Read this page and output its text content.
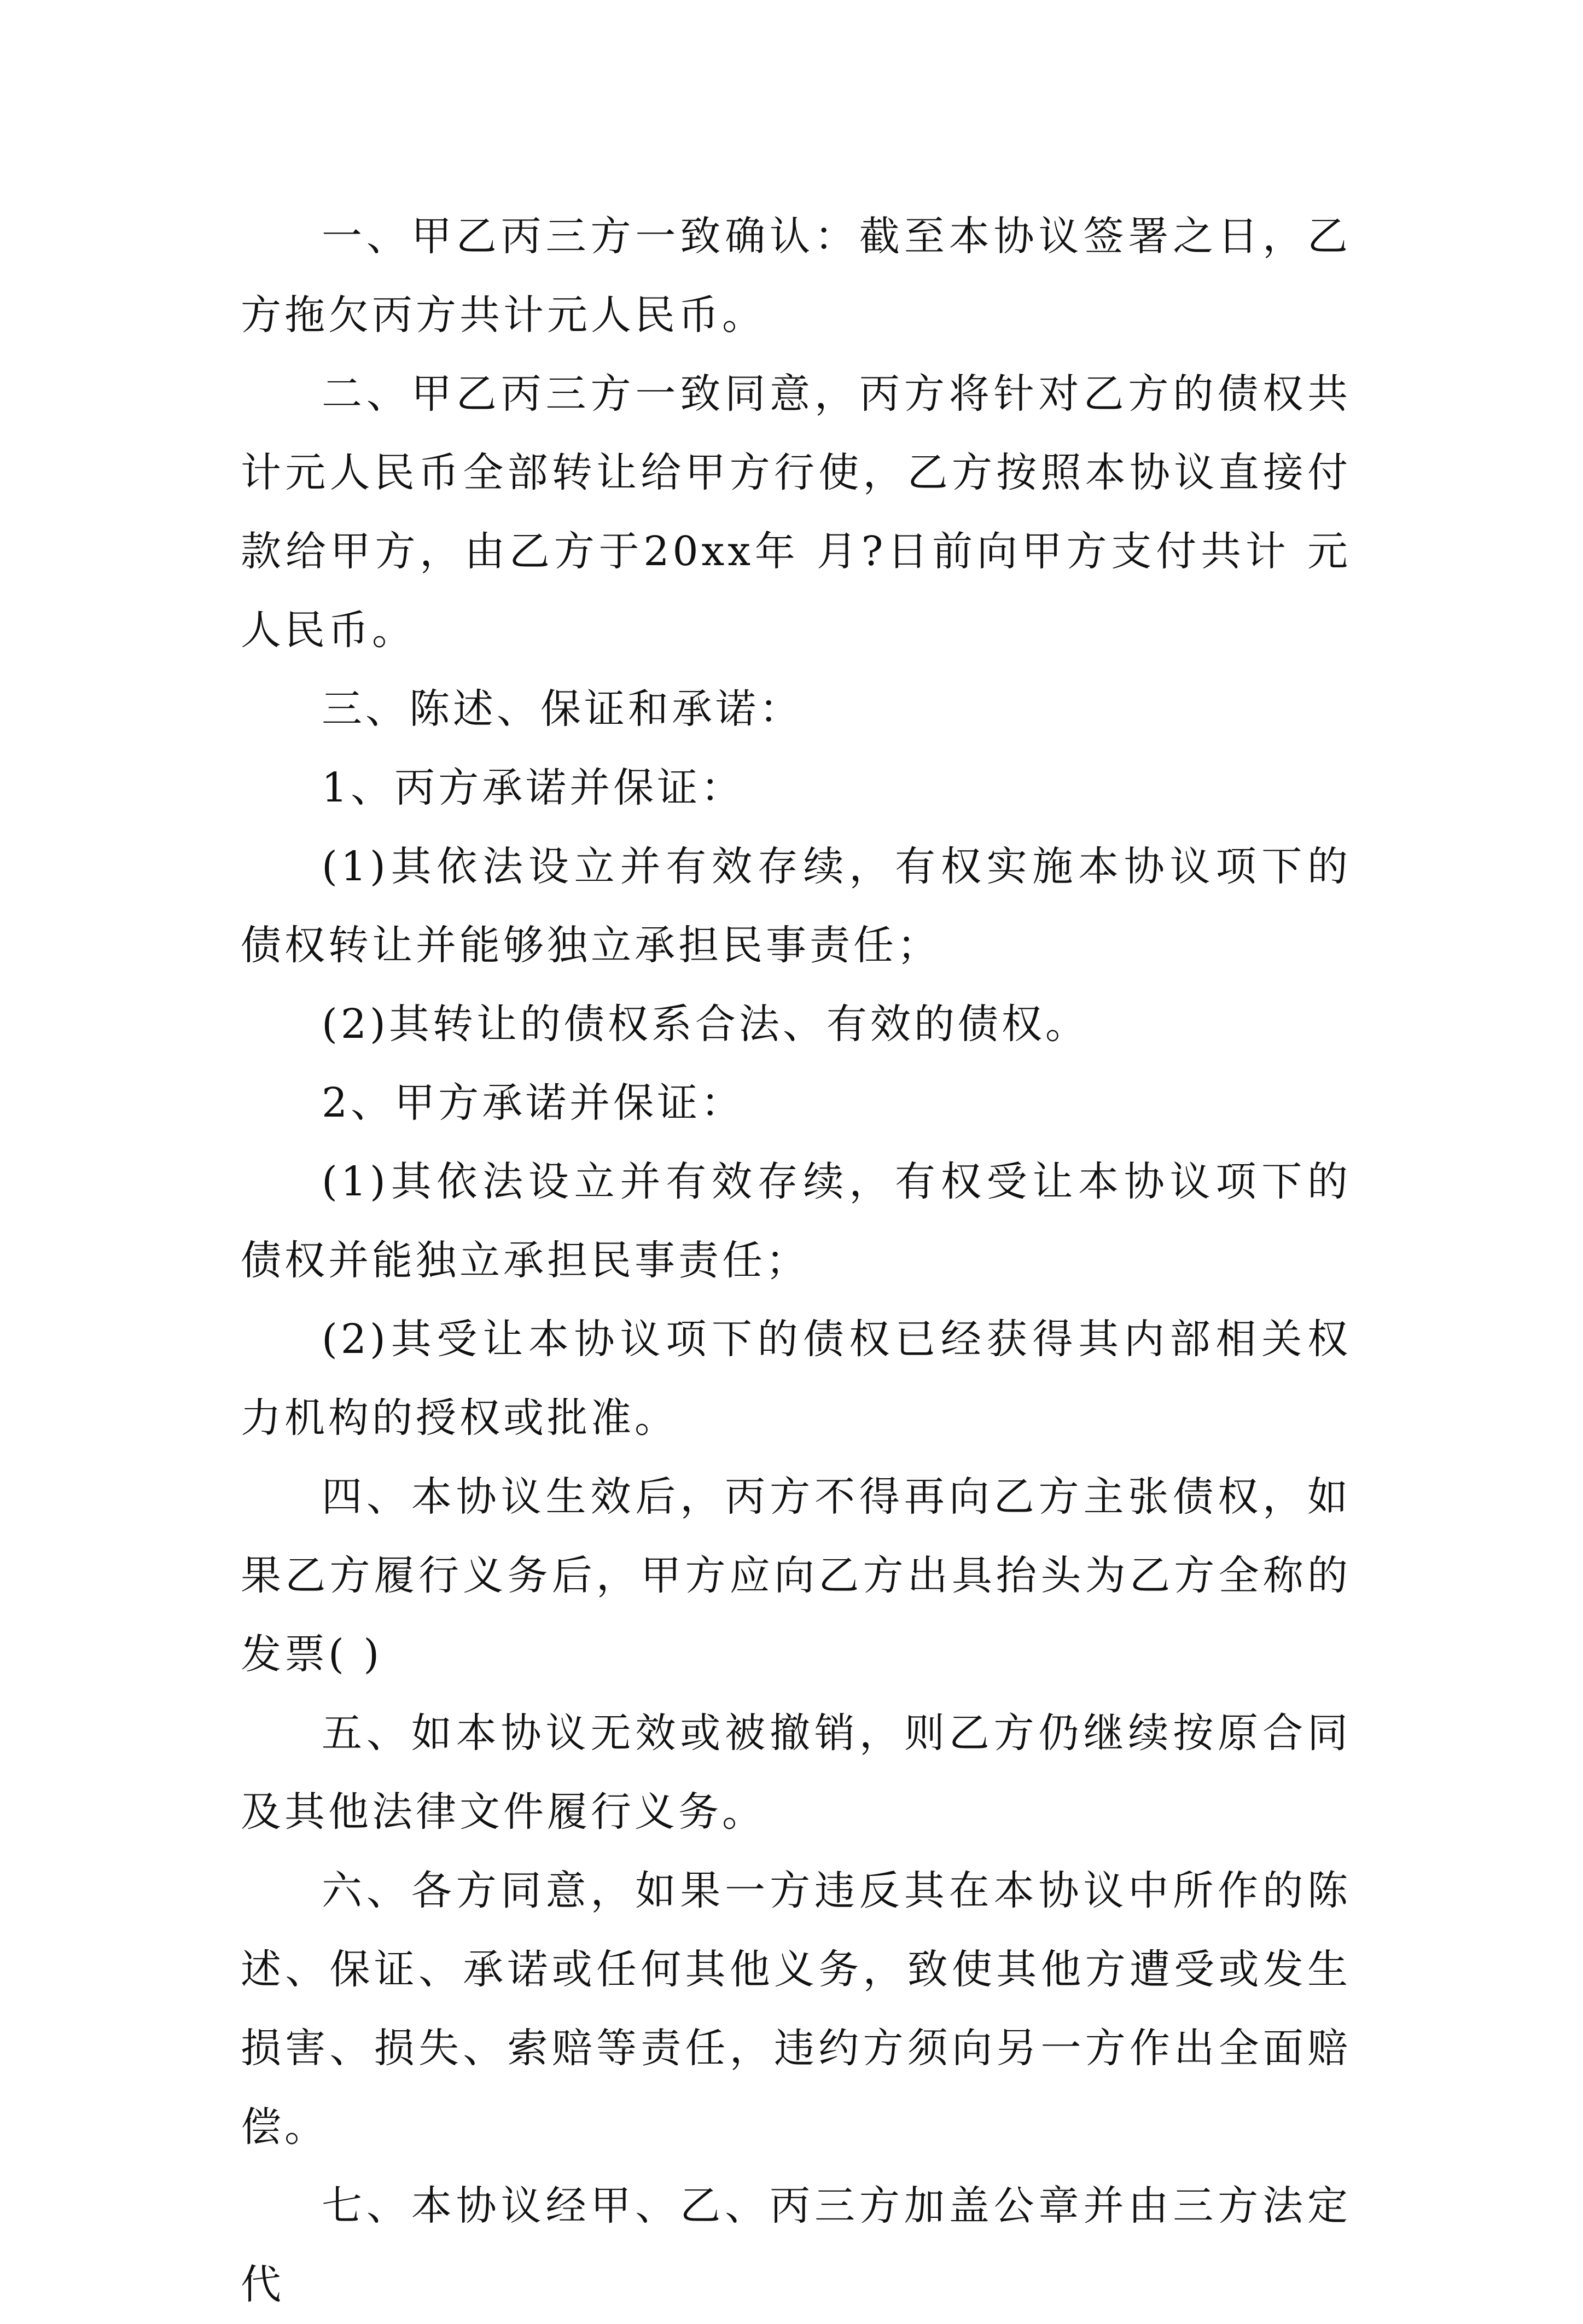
一、甲乙丙三方一致确认：截至本协议签署之日，乙方拖欠丙方共计元人民币。

二、甲乙丙三方一致同意，丙方将针对乙方的债权共计元人民币全部转让给甲方行使，乙方按照本协议直接付款给甲方，由乙方于20xx年 月?日前向甲方支付共计 元人民币。

三、陈述、保证和承诺：

1、丙方承诺并保证：

(1)其依法设立并有效存续，有权实施本协议项下的债权转让并能够独立承担民事责任；

(2)其转让的债权系合法、有效的债权。

2、甲方承诺并保证：

(1)其依法设立并有效存续，有权受让本协议项下的债权并能独立承担民事责任；

(2)其受让本协议项下的债权已经获得其内部相关权力机构的授权或批准。

四、本协议生效后，丙方不得再向乙方主张债权，如果乙方履行义务后，甲方应向乙方出具抬头为乙方全称的发票( )

五、如本协议无效或被撤销，则乙方仍继续按原合同及其他法律文件履行义务。

六、各方同意，如果一方违反其在本协议中所作的陈述、保证、承诺或任何其他义务，致使其他方遭受或发生损害、损失、索赔等责任，违约方须向另一方作出全面赔偿。

七、本协议经甲、乙、丙三方加盖公章并由三方法定代
